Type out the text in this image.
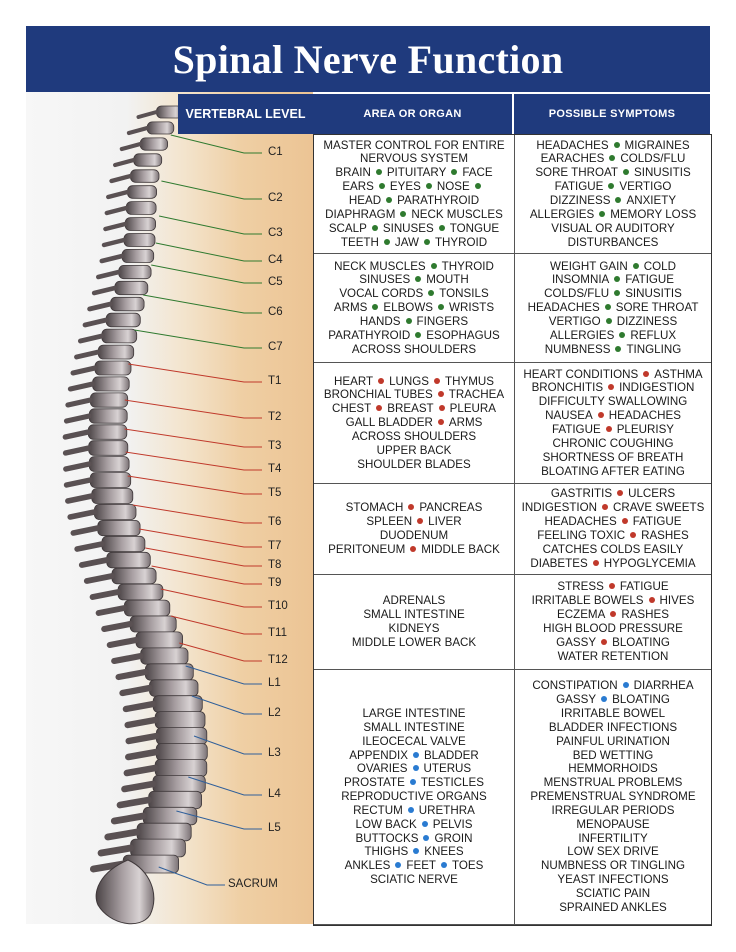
Spinal Nerve Function
VERTEBRAL LEVEL	AREA OR ORGAN	POSSIBLE SYMPTOMS
MASTER CONTROL FOR ENTIRE
NERVOUS SYSTEM
BRAIN PITUITARY FACE
EARS EYES NOSE
HEAD PARATHYROID
DIAPHRAGM NECK MUSCLES
SCALP SINUSES TONGUE
TEETH JAW THYROID
HEADACHES MIGRAINES
EARACHES COLDS/FLU
SORE THROAT SINUSITIS
FATIGUE VERTIGO
DIZZINESS ANXIETY
ALLERGIES MEMORY LOSS
VISUAL OR AUDITORY
DISTURBANCES
NECK MUSCLES THYROID
SINUSES MOUTH
VOCAL CORDS TONSILS
ARMS ELBOWS WRISTS
HANDS FINGERS
PARATHYROID ESOPHAGUS
ACROSS SHOULDERS
WEIGHT GAIN COLD
INSOMNIA FATIGUE
COLDS/FLU SINUSITIS
HEADACHES SORE THROAT
VERTIGO DIZZINESS
ALLERGIES REFLUX
NUMBNESS TINGLING
HEART LUNGS THYMUS
BRONCHIAL TUBES TRACHEA
CHEST BREAST PLEURA
GALL BLADDER ARMS
ACROSS SHOULDERS
UPPER BACK
SHOULDER BLADES
HEART CONDITIONS ASTHMA
BRONCHITIS INDIGESTION
DIFFICULTY SWALLOWING
NAUSEA HEADACHES
FATIGUE PLEURISY
CHRONIC COUGHING
SHORTNESS OF BREATH
BLOATING AFTER EATING
STOMACH PANCREAS
SPLEEN LIVER
DUODENUM
PERITONEUM MIDDLE BACK
GASTRITIS ULCERS
INDIGESTION CRAVE SWEETS
HEADACHES FATIGUE
FEELING TOXIC RASHES
CATCHES COLDS EASILY
DIABETES HYPOGLYCEMIA
ADRENALS
SMALL INTESTINE
KIDNEYS
MIDDLE LOWER BACK
STRESS FATIGUE
IRRITABLE BOWELS HIVES
ECZEMA RASHES
HIGH BLOOD PRESSURE
GASSY BLOATING
WATER RETENTION
LARGE INTESTINE
SMALL INTESTINE
ILEOCECAL VALVE
APPENDIX BLADDER
OVARIES UTERUS
PROSTATE TESTICLES
REPRODUCTIVE ORGANS
RECTUM URETHRA
LOW BACK PELVIS
BUTTOCKS GROIN
THIGHS KNEES
ANKLES FEET TOES
SCIATIC NERVE
CONSTIPATION DIARRHEA
GASSY BLOATING
IRRITABLE BOWEL
BLADDER INFECTIONS
PAINFUL URINATION
BED WETTING
HEMMORHOIDS
MENSTRUAL PROBLEMS
PREMENSTRUAL SYNDROME
IRREGULAR PERIODS
MENOPAUSE
INFERTILITY
LOW SEX DRIVE
NUMBNESS OR TINGLING
YEAST INFECTIONS
SCIATIC PAIN
SPRAINED ANKLES
C1
C2
C3
C4
C5
C6
C7
T1
T2
T3
T4
T5
T6
T7
T8
T9
T10
T11
T12
L1
L2
L3
L4
L5
SACRUM
